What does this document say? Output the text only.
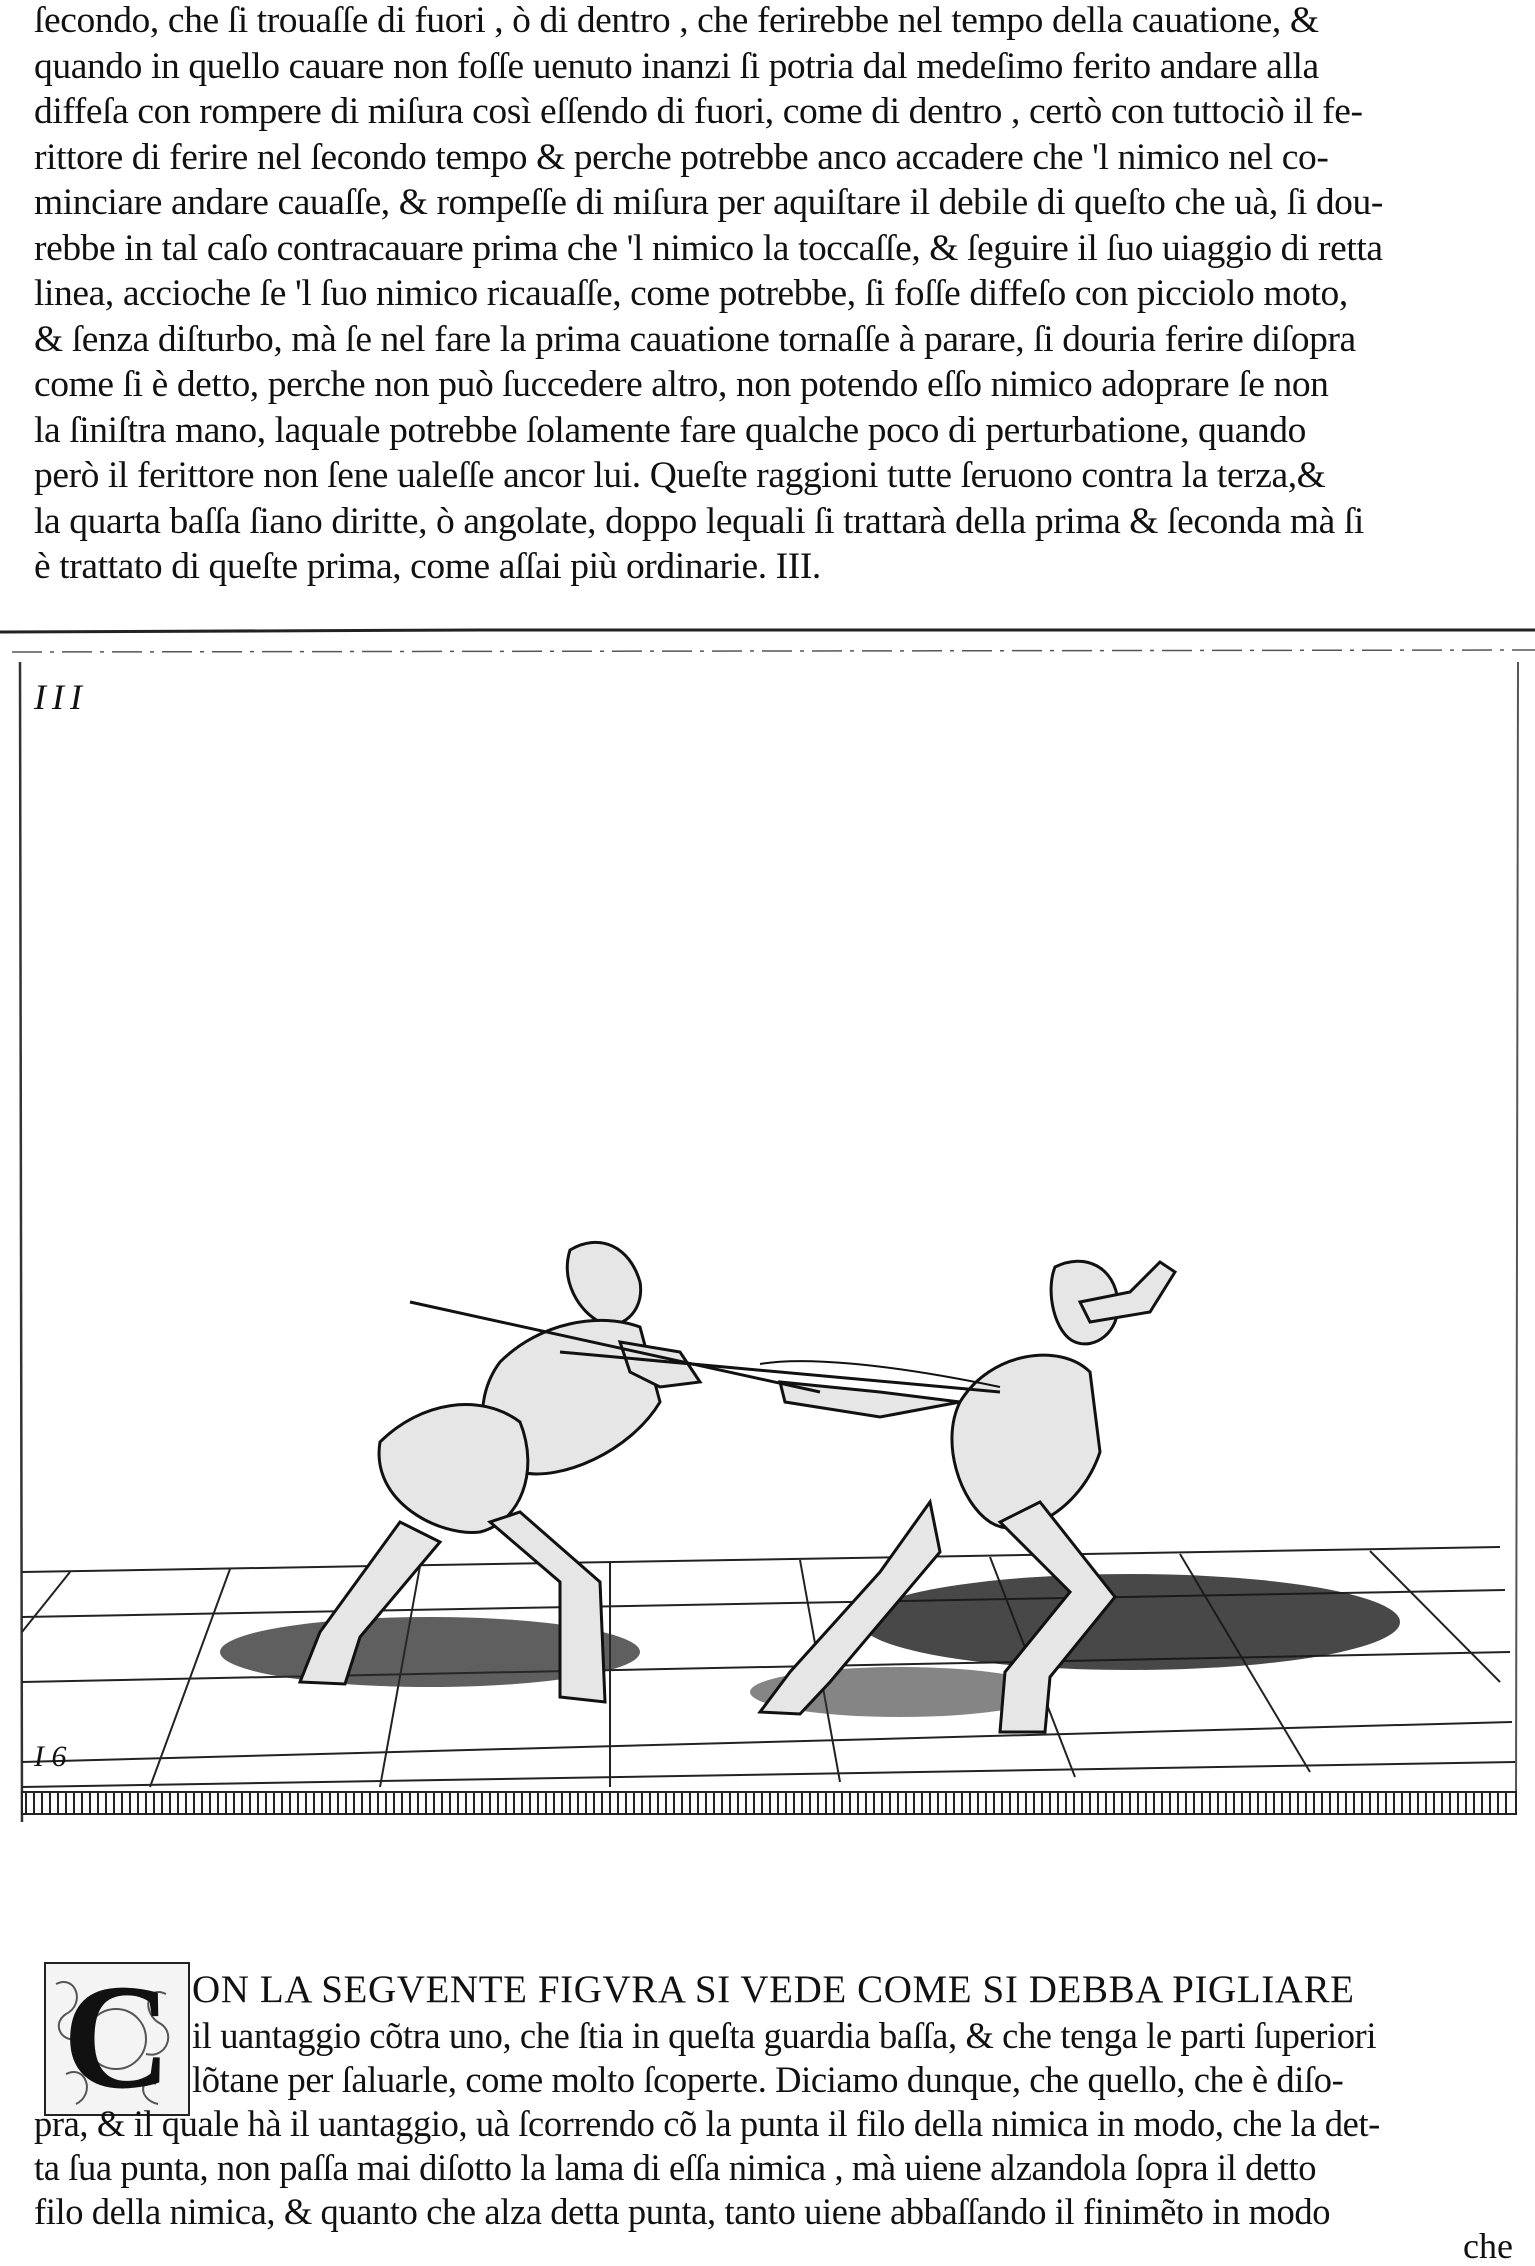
ſecondo, che ſi trouaſſe di fuori , ò di dentro , che ferirebbe nel tempo della cauatione, &
quando in quello cauare non foſſe uenuto inanzi ſi potria dal medeſimo ferito andare alla
diffeſa con rompere di miſura così eſſendo di fuori, come di dentro , certò con tuttociò il fe-
rittore di ferire nel ſecondo tempo & perche potrebbe anco accadere che 'l nimico nel co-
minciare andare cauaſſe, & rompeſſe di miſura per aquiſtare il debile di queſto che uà, ſi dou-
rebbe in tal caſo contracauare prima che 'l nimico la toccaſſe, & ſeguire il ſuo uiaggio di retta
linea, accioche ſe 'l ſuo nimico ricauaſſe, come potrebbe, ſi foſſe diffeſo con picciolo moto,
& ſenza diſturbo, mà ſe nel fare la prima cauatione tornaſſe à parare, ſi douria ferire diſopra
come ſi è detto, perche non può ſuccedere altro, non potendo eſſo nimico adoprare ſe non
la ſiniſtra mano, laquale potrebbe ſolamente fare qualche poco di perturbatione, quando
però il ferittore non ſene ualeſſe ancor lui. Queſte raggioni tutte ſeruono contra la terza,&
la quarta baſſa ſiano diritte, ò angolate, doppo lequali ſi trattarà della prima & ſeconda mà ſi
è trattato di queſte prima, come aſſai più ordinarie. III.
III
I 6
C ON LA SEGVENTE FIGVRA SI VEDE COME SI DEBBA PIGLIARE
il uantaggio cõtra uno, che ſtia in queſta guardia baſſa, & che tenga le parti ſuperiori
lõtane per ſaluarle, come molto ſcoperte. Diciamo dunque, che quello, che è diſo-
pra, & il quale hà il uantaggio, uà ſcorrendo cõ la punta il filo della nimica in modo, che la det-
ta ſua punta, non paſſa mai diſotto la lama di eſſa nimica , mà uiene alzandola ſopra il detto
filo della nimica, & quanto che alza detta punta, tanto uiene abbaſſando il finimẽto in modo
che
